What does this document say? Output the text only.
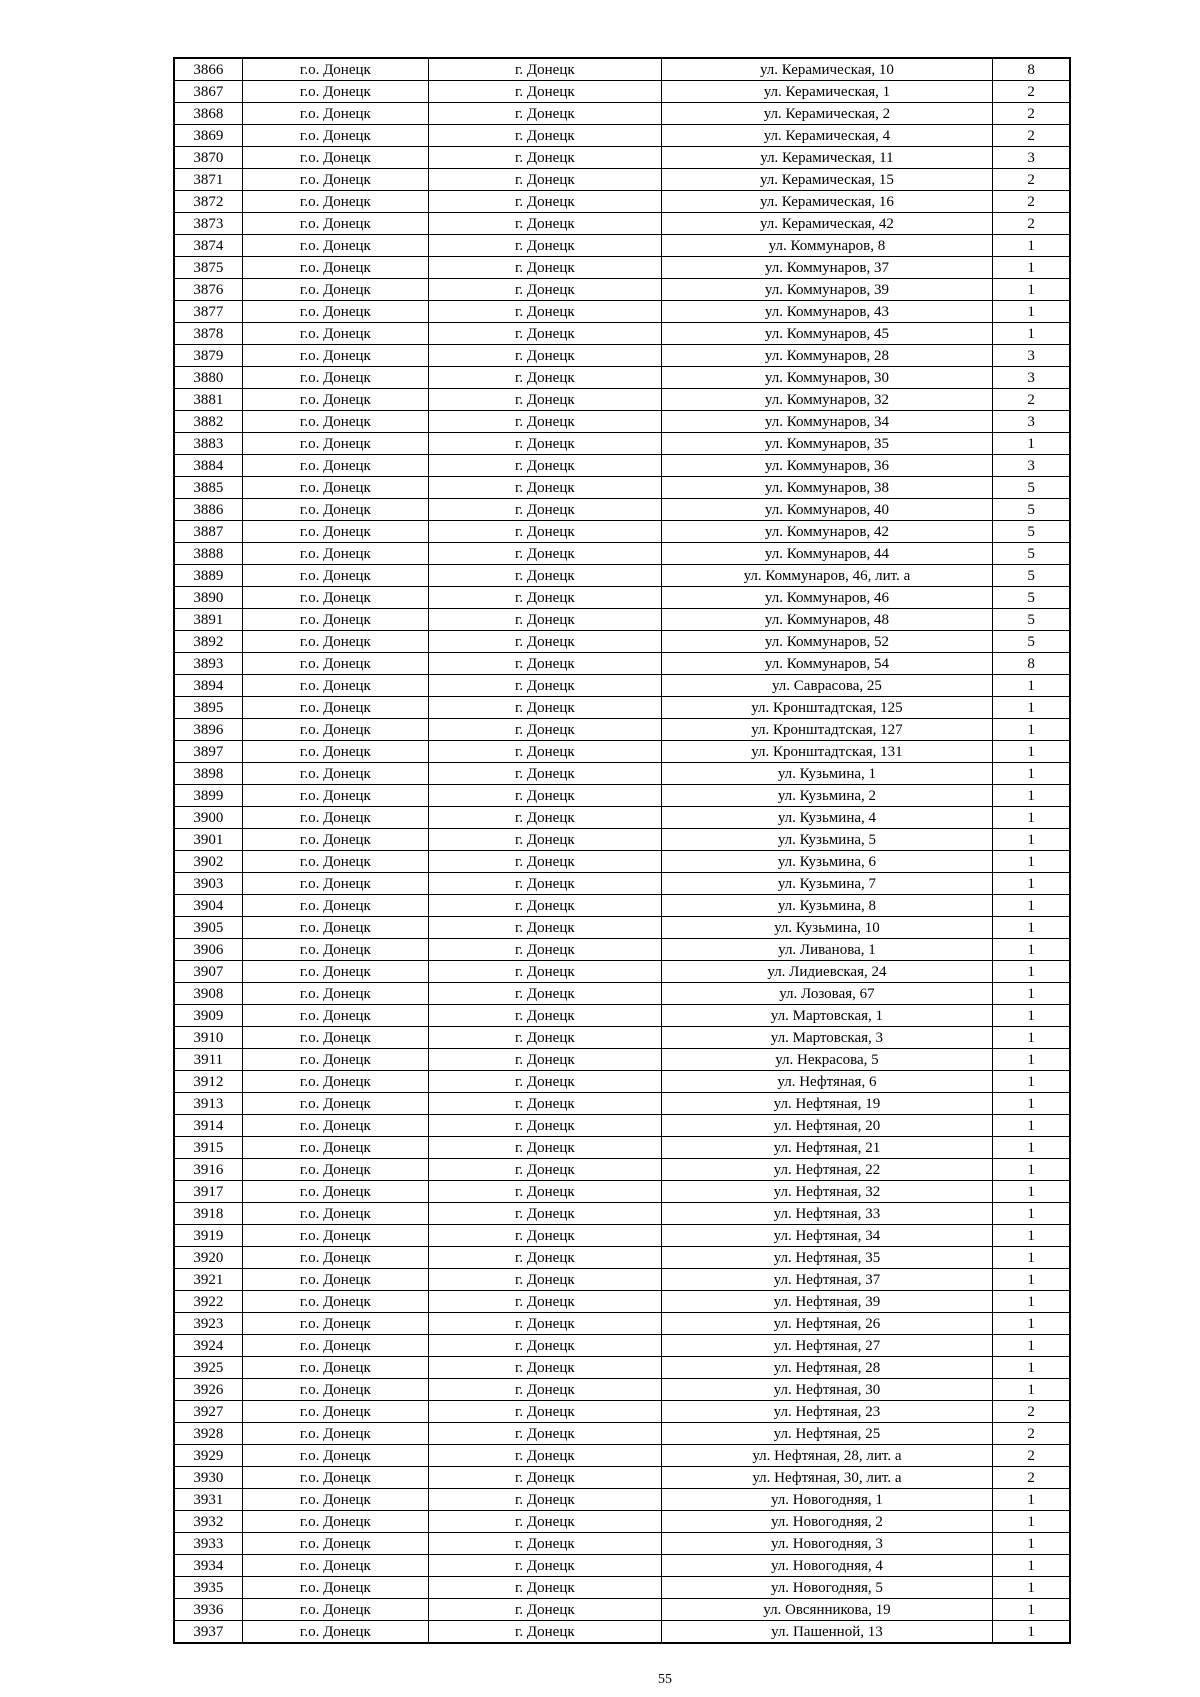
3866	г.о. Донецк	г. Донецк	ул. Керамическая, 10	8
3867	г.о. Донецк	г. Донецк	ул. Керамическая, 1	2
3868	г.о. Донецк	г. Донецк	ул. Керамическая, 2	2
3869	г.о. Донецк	г. Донецк	ул. Керамическая, 4	2
3870	г.о. Донецк	г. Донецк	ул. Керамическая, 11	3
3871	г.о. Донецк	г. Донецк	ул. Керамическая, 15	2
3872	г.о. Донецк	г. Донецк	ул. Керамическая, 16	2
3873	г.о. Донецк	г. Донецк	ул. Керамическая, 42	2
3874	г.о. Донецк	г. Донецк	ул. Коммунаров, 8	1
3875	г.о. Донецк	г. Донецк	ул. Коммунаров, 37	1
3876	г.о. Донецк	г. Донецк	ул. Коммунаров, 39	1
3877	г.о. Донецк	г. Донецк	ул. Коммунаров, 43	1
3878	г.о. Донецк	г. Донецк	ул. Коммунаров, 45	1
3879	г.о. Донецк	г. Донецк	ул. Коммунаров, 28	3
3880	г.о. Донецк	г. Донецк	ул. Коммунаров, 30	3
3881	г.о. Донецк	г. Донецк	ул. Коммунаров, 32	2
3882	г.о. Донецк	г. Донецк	ул. Коммунаров, 34	3
3883	г.о. Донецк	г. Донецк	ул. Коммунаров, 35	1
3884	г.о. Донецк	г. Донецк	ул. Коммунаров, 36	3
3885	г.о. Донецк	г. Донецк	ул. Коммунаров, 38	5
3886	г.о. Донецк	г. Донецк	ул. Коммунаров, 40	5
3887	г.о. Донецк	г. Донецк	ул. Коммунаров, 42	5
3888	г.о. Донецк	г. Донецк	ул. Коммунаров, 44	5
3889	г.о. Донецк	г. Донецк	ул. Коммунаров, 46, лит. а	5
3890	г.о. Донецк	г. Донецк	ул. Коммунаров, 46	5
3891	г.о. Донецк	г. Донецк	ул. Коммунаров, 48	5
3892	г.о. Донецк	г. Донецк	ул. Коммунаров, 52	5
3893	г.о. Донецк	г. Донецк	ул. Коммунаров, 54	8
3894	г.о. Донецк	г. Донецк	ул. Саврасова, 25	1
3895	г.о. Донецк	г. Донецк	ул. Кронштадтская, 125	1
3896	г.о. Донецк	г. Донецк	ул. Кронштадтская, 127	1
3897	г.о. Донецк	г. Донецк	ул. Кронштадтская, 131	1
3898	г.о. Донецк	г. Донецк	ул. Кузьмина, 1	1
3899	г.о. Донецк	г. Донецк	ул. Кузьмина, 2	1
3900	г.о. Донецк	г. Донецк	ул. Кузьмина, 4	1
3901	г.о. Донецк	г. Донецк	ул. Кузьмина, 5	1
3902	г.о. Донецк	г. Донецк	ул. Кузьмина, 6	1
3903	г.о. Донецк	г. Донецк	ул. Кузьмина, 7	1
3904	г.о. Донецк	г. Донецк	ул. Кузьмина, 8	1
3905	г.о. Донецк	г. Донецк	ул. Кузьмина, 10	1
3906	г.о. Донецк	г. Донецк	ул. Ливанова, 1	1
3907	г.о. Донецк	г. Донецк	ул. Лидиевская, 24	1
3908	г.о. Донецк	г. Донецк	ул. Лозовая, 67	1
3909	г.о. Донецк	г. Донецк	ул. Мартовская, 1	1
3910	г.о. Донецк	г. Донецк	ул. Мартовская, 3	1
3911	г.о. Донецк	г. Донецк	ул. Некрасова, 5	1
3912	г.о. Донецк	г. Донецк	ул. Нефтяная, 6	1
3913	г.о. Донецк	г. Донецк	ул. Нефтяная, 19	1
3914	г.о. Донецк	г. Донецк	ул. Нефтяная, 20	1
3915	г.о. Донецк	г. Донецк	ул. Нефтяная, 21	1
3916	г.о. Донецк	г. Донецк	ул. Нефтяная, 22	1
3917	г.о. Донецк	г. Донецк	ул. Нефтяная, 32	1
3918	г.о. Донецк	г. Донецк	ул. Нефтяная, 33	1
3919	г.о. Донецк	г. Донецк	ул. Нефтяная, 34	1
3920	г.о. Донецк	г. Донецк	ул. Нефтяная, 35	1
3921	г.о. Донецк	г. Донецк	ул. Нефтяная, 37	1
3922	г.о. Донецк	г. Донецк	ул. Нефтяная, 39	1
3923	г.о. Донецк	г. Донецк	ул. Нефтяная, 26	1
3924	г.о. Донецк	г. Донецк	ул. Нефтяная, 27	1
3925	г.о. Донецк	г. Донецк	ул. Нефтяная, 28	1
3926	г.о. Донецк	г. Донецк	ул. Нефтяная, 30	1
3927	г.о. Донецк	г. Донецк	ул. Нефтяная, 23	2
3928	г.о. Донецк	г. Донецк	ул. Нефтяная, 25	2
3929	г.о. Донецк	г. Донецк	ул. Нефтяная, 28, лит. а	2
3930	г.о. Донецк	г. Донецк	ул. Нефтяная, 30, лит. а	2
3931	г.о. Донецк	г. Донецк	ул. Новогодняя, 1	1
3932	г.о. Донецк	г. Донецк	ул. Новогодняя, 2	1
3933	г.о. Донецк	г. Донецк	ул. Новогодняя, 3	1
3934	г.о. Донецк	г. Донецк	ул. Новогодняя, 4	1
3935	г.о. Донецк	г. Донецк	ул. Новогодняя, 5	1
3936	г.о. Донецк	г. Донецк	ул. Овсянникова, 19	1
3937	г.о. Донецк	г. Донецк	ул. Пашенной, 13	1
55
